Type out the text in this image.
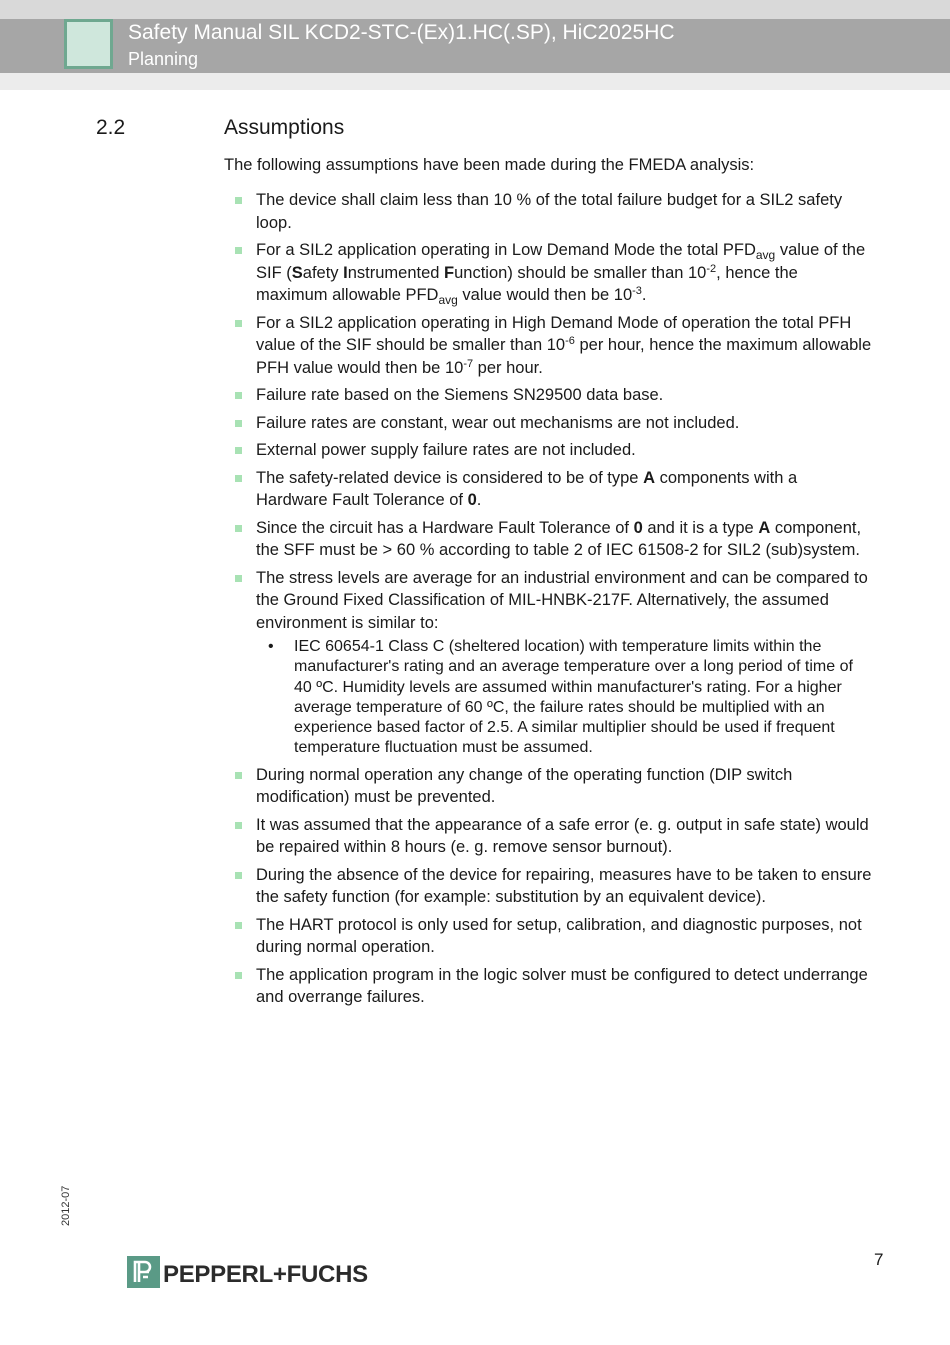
Safety Manual SIL KCD2-STC-(Ex)1.HC(.SP), HiC2025HC
Planning
2.2	Assumptions
The following assumptions have been made during the FMEDA analysis:
The device shall claim less than 10 % of the total failure budget for a SIL2 safety loop.
For a SIL2 application operating in Low Demand Mode the total $PFD_{avg}$ value of the SIF (Safety Instrumented Function) should be smaller than $10^{-2}$, hence the maximum allowable $PFD_{avg}$ value would then be $10^{-3}$.
For a SIL2 application operating in High Demand Mode of operation the total PFH value of the SIF should be smaller than $10^{-6}$ per hour, hence the maximum allowable PFH value would then be $10^{-7}$ per hour.
Failure rate based on the Siemens SN29500 data base.
Failure rates are constant, wear out mechanisms are not included.
External power supply failure rates are not included.
The safety-related device is considered to be of type A components with a Hardware Fault Tolerance of 0.
Since the circuit has a Hardware Fault Tolerance of 0 and it is a type A component, the SFF must be > 60 % according to table 2 of IEC 61508-2 for SIL2 (sub)system.
The stress levels are average for an industrial environment and can be compared to the Ground Fixed Classification of MIL-HNBK-217F. Alternatively, the assumed environment is similar to:
• IEC 60654-1 Class C (sheltered location) with temperature limits within the manufacturer's rating and an average temperature over a long period of time of 40 ºC. Humidity levels are assumed within manufacturer's rating. For a higher average temperature of 60 ºC, the failure rates should be multiplied with an experience based factor of 2.5. A similar multiplier should be used if frequent temperature fluctuation must be assumed.
During normal operation any change of the operating function (DIP switch modification) must be prevented.
It was assumed that the appearance of a safe error (e. g. output in safe state) would be repaired within 8 hours (e. g. remove sensor burnout).
During the absence of the device for repairing, measures have to be taken to ensure the safety function (for example: substitution by an equivalent device).
The HART protocol is only used for setup, calibration, and diagnostic purposes, not during normal operation.
The application program in the logic solver must be configured to detect underrange and overrange failures.
2012-07
PEPPERL+FUCHS
7
